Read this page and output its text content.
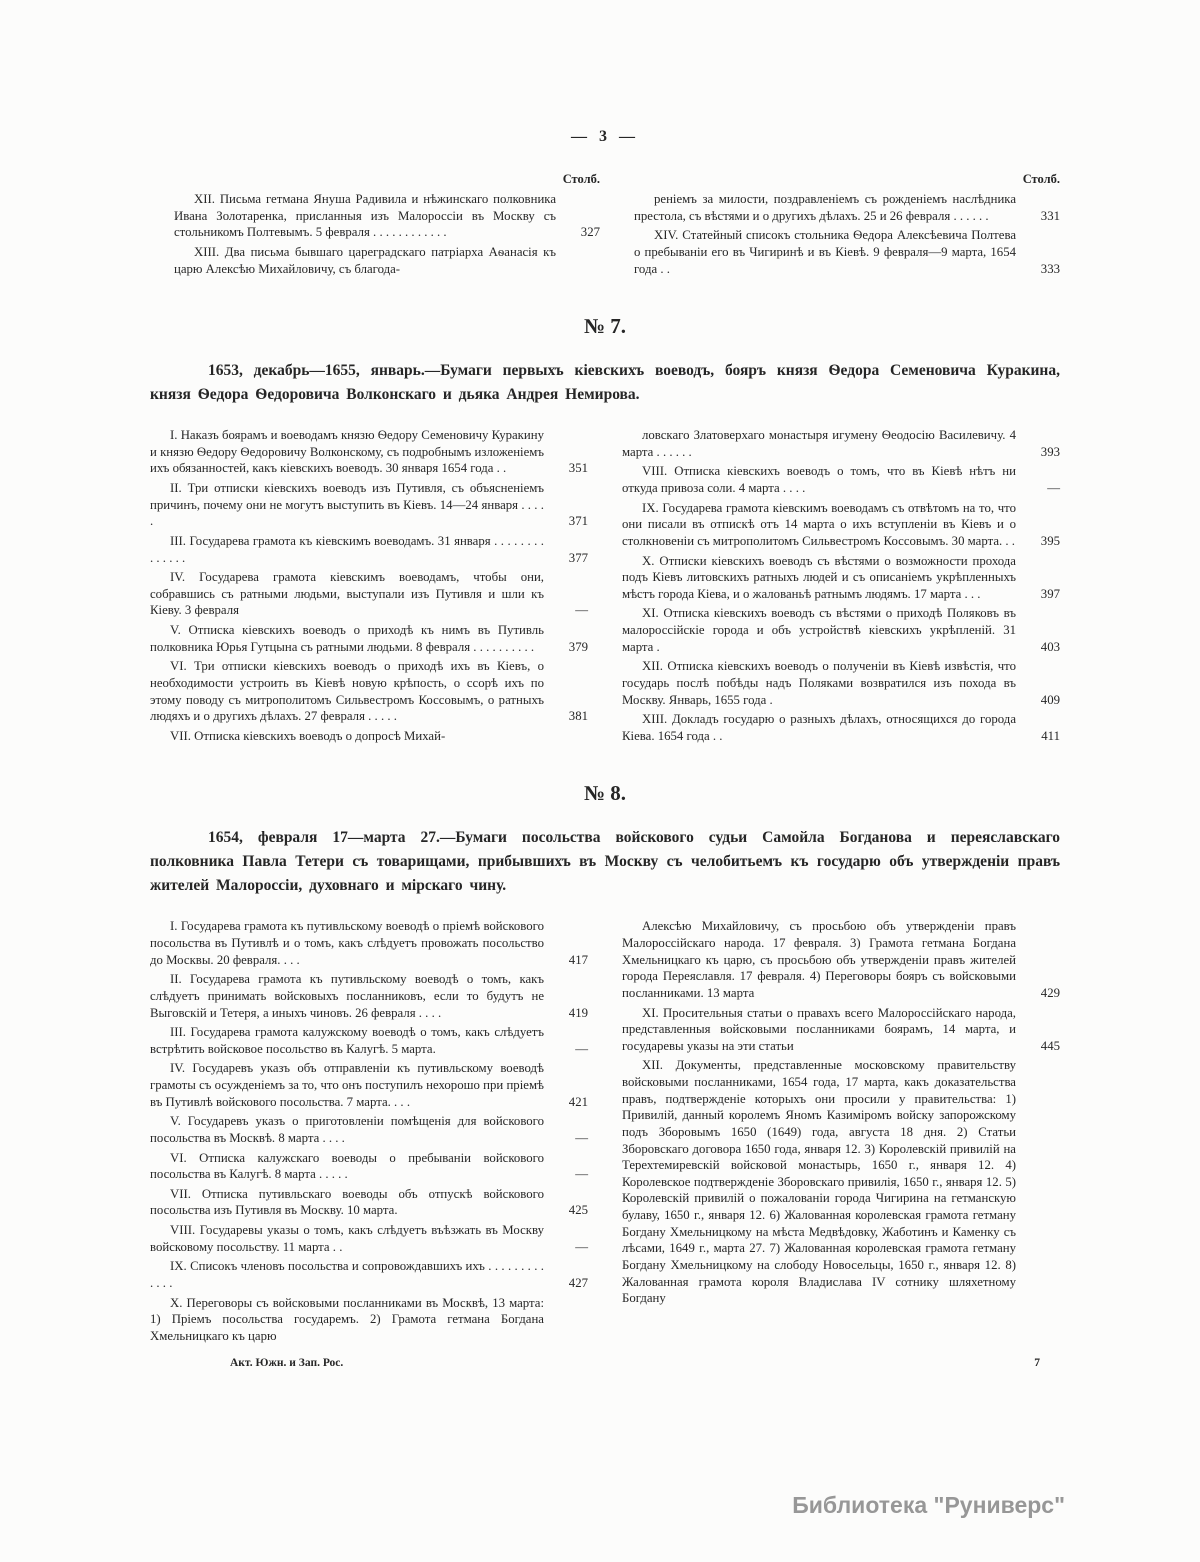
— 3 —
Столб.

XII. Письма гетмана Януша Радивила и нѣжинскаго полковника Ивана Золотаренка, присланныя изъ Малороссіи въ Москву съ стольникомъ Полтевымъ. 5 февраля . . . . . . . . . . . .	327

XIII. Два письма бывшаго цареградскаго патріарха Аѳанасія къ царю Алексѣю Михайловичу, съ благода-

Столб.

реніемъ за милости, поздравленіемъ съ рожденіемъ наслѣдника престола, съ вѣстями и о другихъ дѣлахъ. 25 и 26 февраля . . . . . .	331

XIV. Статейный списокъ стольника Ѳедора Алексѣевича Полтева о пребываніи его въ Чигиринѣ и въ Кіевѣ. 9 февраля—9 марта, 1654 года . .	333

№ 7.
1653, декабрь—1655, январь.—Бумаги первыхъ кіевскихъ воеводъ, бояръ князя Ѳедора Семеновича Куракина, князя Ѳедора Ѳедоровича Волконскаго и дьяка Андрея Немирова.

I. Наказъ боярамъ и воеводамъ князю Ѳедору Семеновичу Куракину и князю Ѳедору Ѳедоровичу Волконскому, съ подробнымъ изложеніемъ ихъ обязанностей, какъ кіевскихъ воеводъ. 30 января 1654 года . .	351

II. Три отписки кіевскихъ воеводъ изъ Путивля, съ объясненіемъ причинъ, почему они не могутъ выступить въ Кіевъ. 14—24 января . . . . .	371

III. Государева грамота къ кіевскимъ воеводамъ. 31 января . . . . . . . . . . . . . .	377

IV. Государева грамота кіевскимъ воеводамъ, чтобы они, собравшись съ ратными людьми, выступали изъ Путивля и шли къ Кіеву. 3 февраля	—

V. Отписка кіевскихъ воеводъ о приходѣ къ нимъ въ Путивль полковника Юрья Гутцына съ ратными людьми. 8 февраля . . . . . . . . . .	379

VI. Три отписки кіевскихъ воеводъ о приходѣ ихъ въ Кіевъ, о необходимости устроить въ Кіевѣ новую крѣпость, о ссорѣ ихъ по этому поводу съ митрополитомъ Сильвестромъ Коссовымъ, о ратныхъ людяхъ и о другихъ дѣлахъ. 27 февраля . . . . .	381

VII. Отписка кіевскихъ воеводъ о допросѣ Михай-

ловскаго Златоверхаго монастыря игумену Ѳеодосію Василевичу. 4 марта . . . . . .	393

VIII. Отписка кіевскихъ воеводъ о томъ, что въ Кіевѣ нѣтъ ни откуда привоза соли. 4 марта . . . .	—

IX. Государева грамота кіевскимъ воеводамъ съ отвѣтомъ на то, что они писали въ отпискѣ отъ 14 марта о ихъ вступленіи въ Кіевъ и о столкновеніи съ митрополитомъ Сильвестромъ Коссовымъ. 30 марта. . . 395

X. Отписки кіевскихъ воеводъ съ вѣстями о возможности прохода подъ Кіевъ литовскихъ ратныхъ людей и съ описаніемъ укрѣпленныхъ мѣстъ города Кіева, и о жалованьѣ ратнымъ людямъ. 17 марта . . .	397

XI. Отписка кіевскихъ воеводъ съ вѣстями о приходѣ Поляковъ въ малороссійскіе города и объ устройствѣ кіевскихъ укрѣпленій. 31 марта .	403

XII. Отписка кіевскихъ воеводъ о полученіи въ Кіевѣ извѣстія, что государь послѣ побѣды надъ Поляками возвратился изъ похода въ Москву. Январь, 1655 года .	409

XIII. Докладъ государю о разныхъ дѣлахъ, относящихся до города Кіева. 1654 года . .	411

№ 8.
1654, февраля 17—марта 27.—Бумаги посольства войскового судьи Самойла Богданова и переяславскаго полковника Павла Тетери съ товарищами, прибывшихъ въ Москву съ челобитьемъ къ государю объ утвержденіи правъ жителей Малороссіи, духовнаго и мірскаго чину.

I. Государева грамота къ путивльскому воеводѣ о пріемѣ войскового посольства въ Путивлѣ и о томъ, какъ слѣдуетъ провожать посольство до Москвы. 20 февраля. . . .	417

II. Государева грамота къ путивльскому воеводѣ о томъ, какъ слѣдуетъ принимать войсковыхъ посланниковъ, если то будутъ не Выговскій и Тетеря, а иныхъ чиновъ. 26 февраля . . . .	419

III. Государева грамота калужскому воеводѣ о томъ, какъ слѣдуетъ встрѣтить войсковое посольство въ Калугѣ. 5 марта.	—

IV. Государевъ указъ объ отправленіи къ путивльскому воеводѣ грамоты съ осужденіемъ за то, что онъ поступилъ нехорошо при пріемѣ въ Путивлѣ войскового посольства. 7 марта. . . .	421

V. Государевъ указъ о приготовленіи помѣщенія для войскового посольства въ Москвѣ. 8 марта . . . .	—

VI. Отписка калужскаго воеводы о пребываніи войскового посольства въ Калугѣ. 8 марта . . . . .	—

VII. Отписка путивльскаго воеводы объ отпускѣ войскового посольства изъ Путивля въ Москву. 10 марта.	425

VIII. Государевы указы о томъ, какъ слѣдуетъ въѣзжать въ Москву войсковому посольству. 11 марта . .	—

IX. Списокъ членовъ посольства и сопровождавшихъ ихъ . . . . . . . . . . . . .	427

X. Переговоры съ войсковыми посланниками въ Москвѣ, 13 марта: 1) Пріемъ посольства государемъ. 2) Грамота гетмана Богдана Хмельницкаго къ царю

Алексѣю Михайловичу, съ просьбою объ утвержденіи правъ Малороссійскаго народа. 17 февраля. 3) Грамота гетмана Богдана Хмельницкаго къ царю, съ просьбою объ утвержденіи правъ жителей города Переяславля. 17 февраля. 4) Переговоры бояръ съ войсковыми посланниками. 13 марта	429

XI. Просительныя статьи о правахъ всего Малороссійскаго народа, представленныя войсковыми посланниками боярамъ, 14 марта, и государевы указы на эти статьи	445

XII. Документы, представленные московскому правительству войсковыми посланниками, 1654 года, 17 марта, какъ доказательства правъ, подтвержденіе которыхъ они просили у правительства: 1) Привилій, данный королемъ Яномъ Казиміромъ войску запорожскому подъ Зборовымъ 1650 (1649) года, августа 18 дня. 2) Статьи Зборовскаго договора 1650 года, января 12. 3) Королевскій привилій на Терехтемиревскій войсковой монастырь, 1650 г., января 12. 4) Королевское подтвержденіе Зборовскаго привилія, 1650 г., января 12. 5) Королевскій привилій о пожалованіи города Чигирина на гетманскую булаву, 1650 г., января 12. 6) Жалованная королевская грамота гетману Богдану Хмельницкому на мѣста Медвѣдовку, Жаботинъ и Каменку съ лѣсами, 1649 г., марта 27. 7) Жалованная королевская грамота гетману Богдану Хмельницкому на слободу Новосельцы, 1650 г., января 12. 8) Жалованная грамота короля Владислава IV сотнику шляхетному Богдану

Акт. Южн. и Зап. Рос.	7
Библиотека "Руниверс"
